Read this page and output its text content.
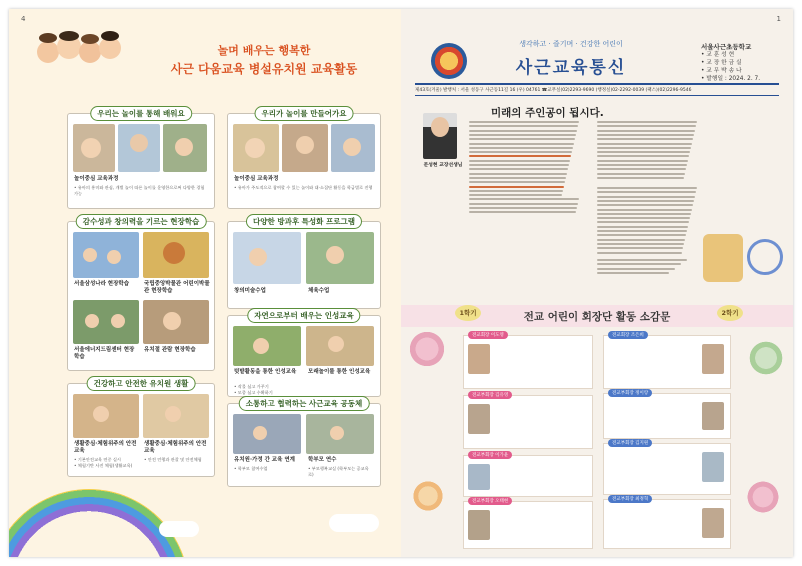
4
놀며 배우는 행복한
사근 다움교육 병설유치원 교육활동
우리는 놀이를 통해 배워요
놀이중심 교육과정
• 유아의 흥미와 관심, 개별 놀이 따른 놀이를 운영한으로써 다양한 경험 가능
우리가 놀이를 만들어가요
놀이중심 교육과정
• 유아가 주도적으로 참여할 수 있는 놀이와 대·소집단 활동을 학급별로 진행
감수성과 창의력을 기르는 현장학습
서울삼성나라 현장학습	국립중앙박물관 어린이박물관 현장학습
서울에너지드림센터 현장학습
유치절 관람 현장학습
다양한 방과후 특성화 프로그램
창의미술수업	체육수업
자연으로부터 배우는 인성교육
텃밭활동을 통한 인성교육	모래놀이를 통한 인성교육
• 작물 심고 가꾸기
• 모종 심고 수확하기
건강하고 안전한 유치원 생활
생활중심·체험위주의 안전교육
생활중심·체험위주의 안전교육
• 기본안전교육 연중 실시
• 체험기반 사진 체험(생활교육)
• 안전 언행과 관찰 및 안전체험
소통하고 협력하는 사근교육 공동체
유치원·가정 간 교육 연계	학부모 연수
• 학부모 참여수업	• 부모행복교실 (학부모는 공교육로)
1
생각하고 · 즐기며 · 건강한 어린이
사근교육통신
서울사근초등학교
• 교 훈 성 현
• 교 장 한 금 실
• 교 무 박 송 나
• 발행일 : 2024. 2. 7.
제43호(겨울) 발행처 : 서울 성동구 사근동11길 16 (우) 04761 ☎교무실(02)2293-9690 (행정실)02-2292-0039 (팩스)(02)2296-9546
미래의 주인공이 됩시다.
문성현 교장선생님
1학기	2학기
전교 어린이 회장단 활동 소감문
전교회장 이도영
전교부회장 김유영
전교부회장 이가윤
전교부회장 오태현
전교회장 조은희
전교부회장 정이랑
전교부회장 김지원
전교부회장 최정혁
